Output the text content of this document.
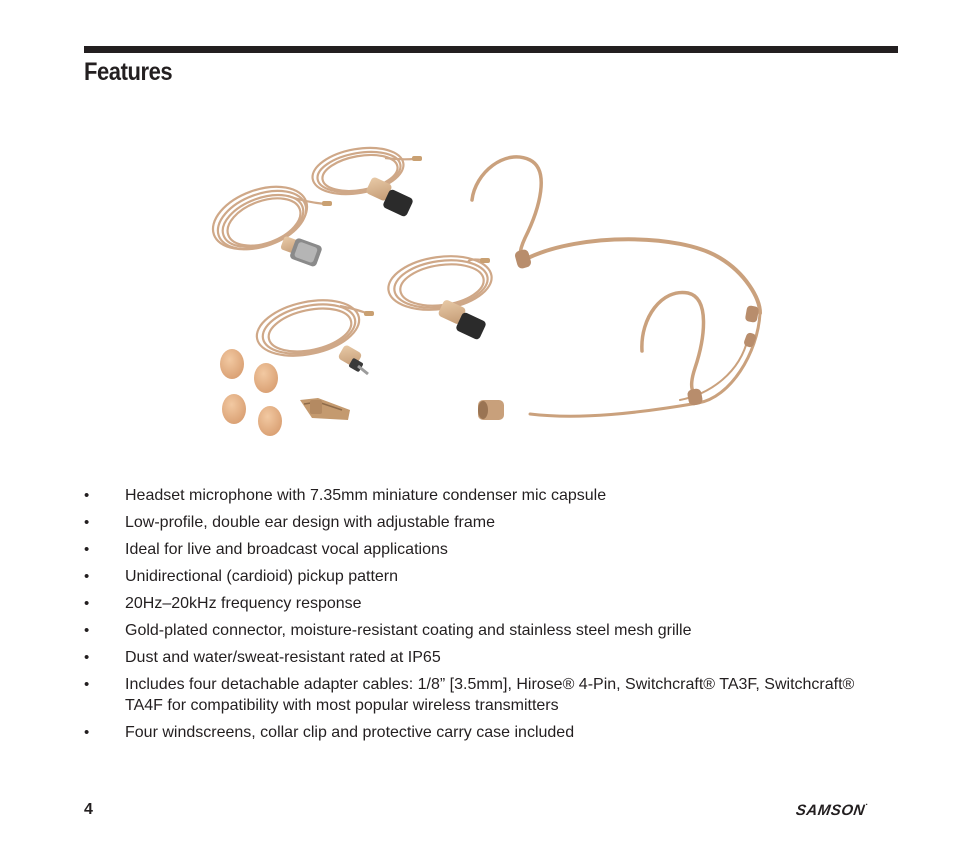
Features
• Headset microphone with 7.35mm miniature condenser mic capsule
• Low-profile, double ear design with adjustable frame
• Ideal for live and broadcast vocal applications
• Unidirectional (cardioid) pickup pattern
• 20Hz–20kHz frequency response
• Gold-plated connector, moisture-resistant coating and stainless steel mesh grille
• Dust and water/sweat-resistant rated at IP65
• Includes four detachable adapter cables: 1/8” [3.5mm], Hirose® 4-Pin, Switchcraft® TA3F, Switchcraft® TA4F for compatibility with most popular wireless transmitters
• Four windscreens, collar clip and protective carry case included
4	SAMSON•
